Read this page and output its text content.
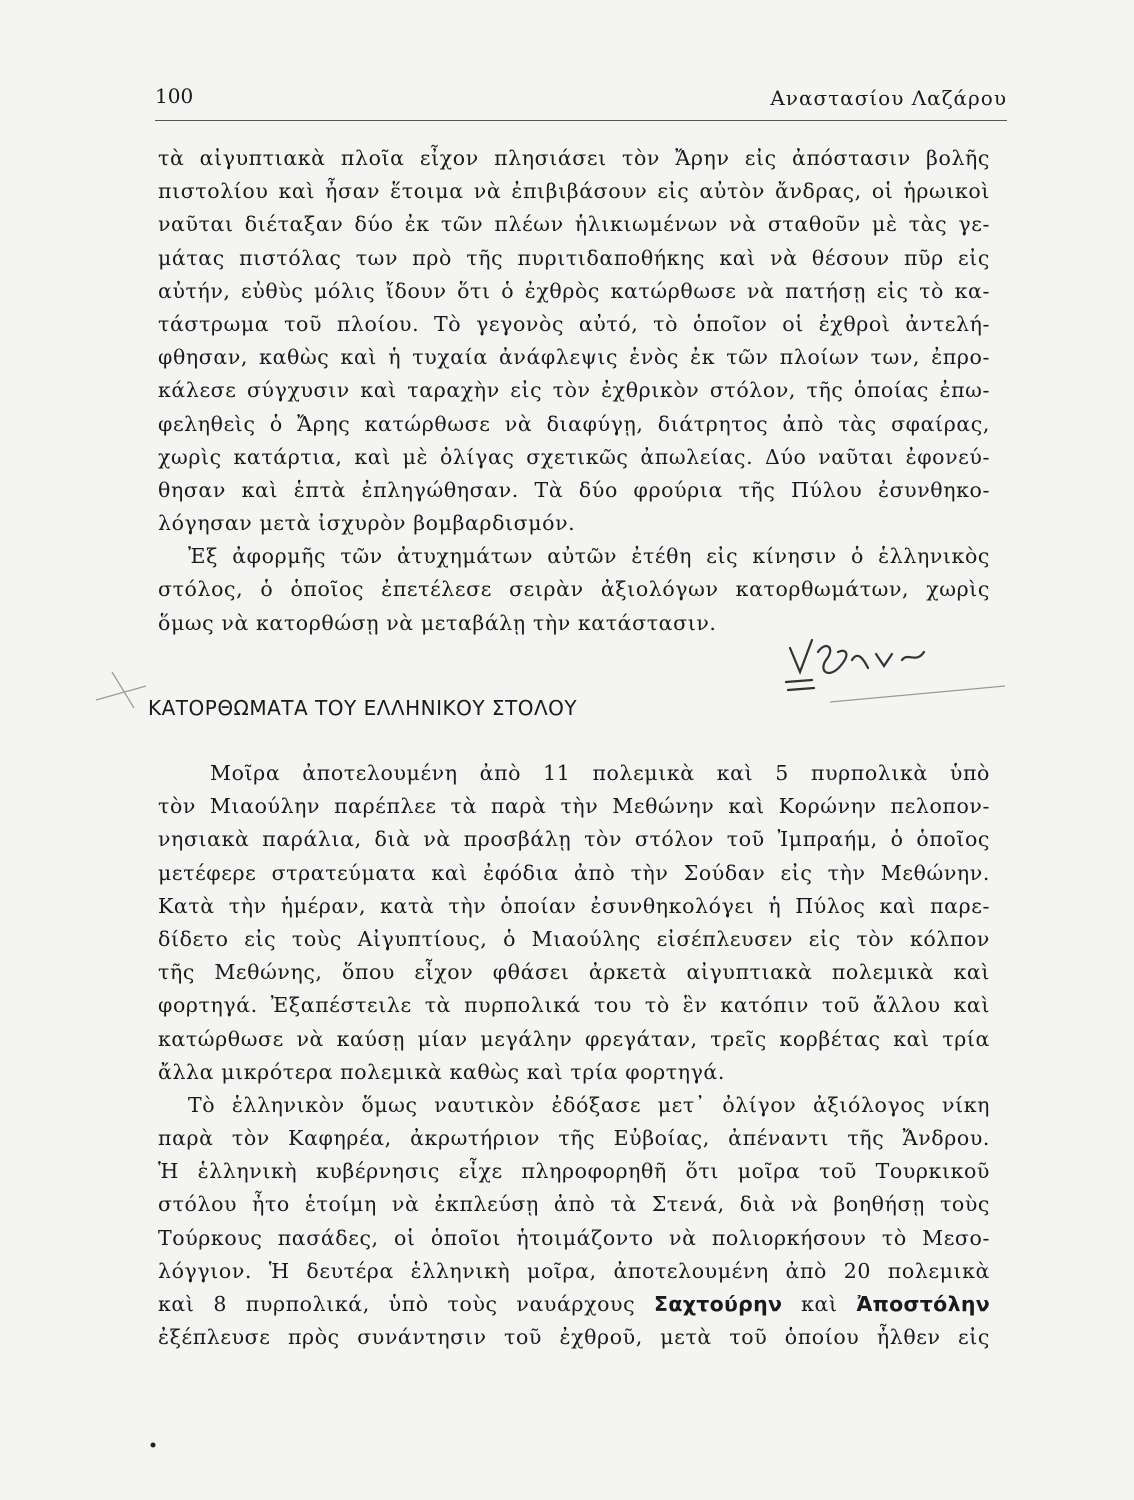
100	Αναστασίου Λαζάρου
τὰ αἰγυπτιακὰ πλοῖα εἶχον πλησιάσει τὸν Ἄρην εἰς ἀπόστασιν βολῆς
πιστολίου καὶ ἦσαν ἕτοιμα νὰ ἐπιβιβάσουν εἰς αὐτὸν ἄνδρας, οἱ ἡρωικοὶ
ναῦται διέταξαν δύο ἐκ τῶν πλέων ἡλικιωμένων νὰ σταθοῦν μὲ τὰς γε-
μάτας πιστόλας των πρὸ τῆς πυριτιδαποθήκης καὶ νὰ θέσουν πῦρ εἰς
αὐτήν, εὐθὺς μόλις ἴδουν ὅτι ὁ ἐχθρὸς κατώρθωσε νὰ πατήσῃ εἰς τὸ κα-
τάστρωμα τοῦ πλοίου. Τὸ γεγονὸς αὐτό, τὸ ὁποῖον οἱ ἐχθροὶ ἀντελή-
φθησαν, καθὼς καὶ ἡ τυχαία ἀνάφλεψις ἑνὸς ἐκ τῶν πλοίων των, ἐπρο-
κάλεσε σύγχυσιν καὶ ταραχὴν εἰς τὸν ἐχθρικὸν στόλον, τῆς ὁποίας ἐπω-
φεληθεὶς ὁ Ἄρης κατώρθωσε νὰ διαφύγῃ, διάτρητος ἀπὸ τὰς σφαίρας,
χωρὶς κατάρτια, καὶ μὲ ὀλίγας σχετικῶς ἀπωλείας. Δύο ναῦται ἐφονεύ-
θησαν καὶ ἑπτὰ ἐπληγώθησαν. Τὰ δύο φρούρια τῆς Πύλου ἐσυνθηκο-
λόγησαν μετὰ ἰσχυρὸν βομβαρδισμόν.
Ἐξ ἀφορμῆς τῶν ἀτυχημάτων αὐτῶν ἐτέθη εἰς κίνησιν ὁ ἑλληνικὸς
στόλος, ὁ ὁποῖος ἐπετέλεσε σειρὰν ἀξιολόγων κατορθωμάτων, χωρὶς
ὅμως νὰ κατορθώσῃ νὰ μεταβάλῃ τὴν κατάστασιν.
ΚΑΤΟΡΘΩΜΑΤΑ ΤΟΥ ΕΛΛΗΝΙΚΟΥ ΣΤΟΛΟΥ
Μοῖρα ἀποτελουμένη ἀπὸ 11 πολεμικὰ καὶ 5 πυρπολικὰ ὑπὸ
τὸν Μιαούλην παρέπλεε τὰ παρὰ τὴν Μεθώνην καὶ Κορώνην πελοπον-
νησιακὰ παράλια, διὰ νὰ προσβάλῃ τὸν στόλον τοῦ Ἰμπραήμ, ὁ ὁποῖος
μετέφερε στρατεύματα καὶ ἐφόδια ἀπὸ τὴν Σούδαν εἰς τὴν Μεθώνην.
Κατὰ τὴν ἡμέραν, κατὰ τὴν ὁποίαν ἐσυνθηκολόγει ἡ Πύλος καὶ παρε-
δίδετο εἰς τοὺς Αἰγυπτίους, ὁ Μιαούλης εἰσέπλευσεν εἰς τὸν κόλπον
τῆς Μεθώνης, ὅπου εἶχον φθάσει ἀρκετὰ αἰγυπτιακὰ πολεμικὰ καὶ
φορτηγά. Ἐξαπέστειλε τὰ πυρπολικά του τὸ ἓν κατόπιν τοῦ ἄλλου καὶ
κατώρθωσε νὰ καύσῃ μίαν μεγάλην φρεγάταν, τρεῖς κορβέτας καὶ τρία
ἄλλα μικρότερα πολεμικὰ καθὼς καὶ τρία φορτηγά.
Τὸ ἑλληνικὸν ὅμως ναυτικὸν ἐδόξασε μετ᾽ ὀλίγον ἀξιόλογος νίκη
παρὰ τὸν Καφηρέα, ἀκρωτήριον τῆς Εὐβοίας, ἀπέναντι τῆς Ἄνδρου.
Ἡ ἑλληνικὴ κυβέρνησις εἶχε πληροφορηθῆ ὅτι μοῖρα τοῦ Τουρκικοῦ
στόλου ἦτο ἑτοίμη νὰ ἐκπλεύσῃ ἀπὸ τὰ Στενά, διὰ νὰ βοηθήσῃ τοὺς
Τούρκους πασάδες, οἱ ὁποῖοι ἡτοιμάζοντο νὰ πολιορκήσουν τὸ Μεσο-
λόγγιον. Ἡ δευτέρα ἑλληνικὴ μοῖρα, ἀποτελουμένη ἀπὸ 20 πολεμικὰ
καὶ 8 πυρπολικά, ὑπὸ τοὺς ναυάρχους Σαχτούρην καὶ Ἀποστόλην
ἐξέπλευσε πρὸς συνάντησιν τοῦ ἐχθροῦ, μετὰ τοῦ ὁποίου ἦλθεν εἰς
